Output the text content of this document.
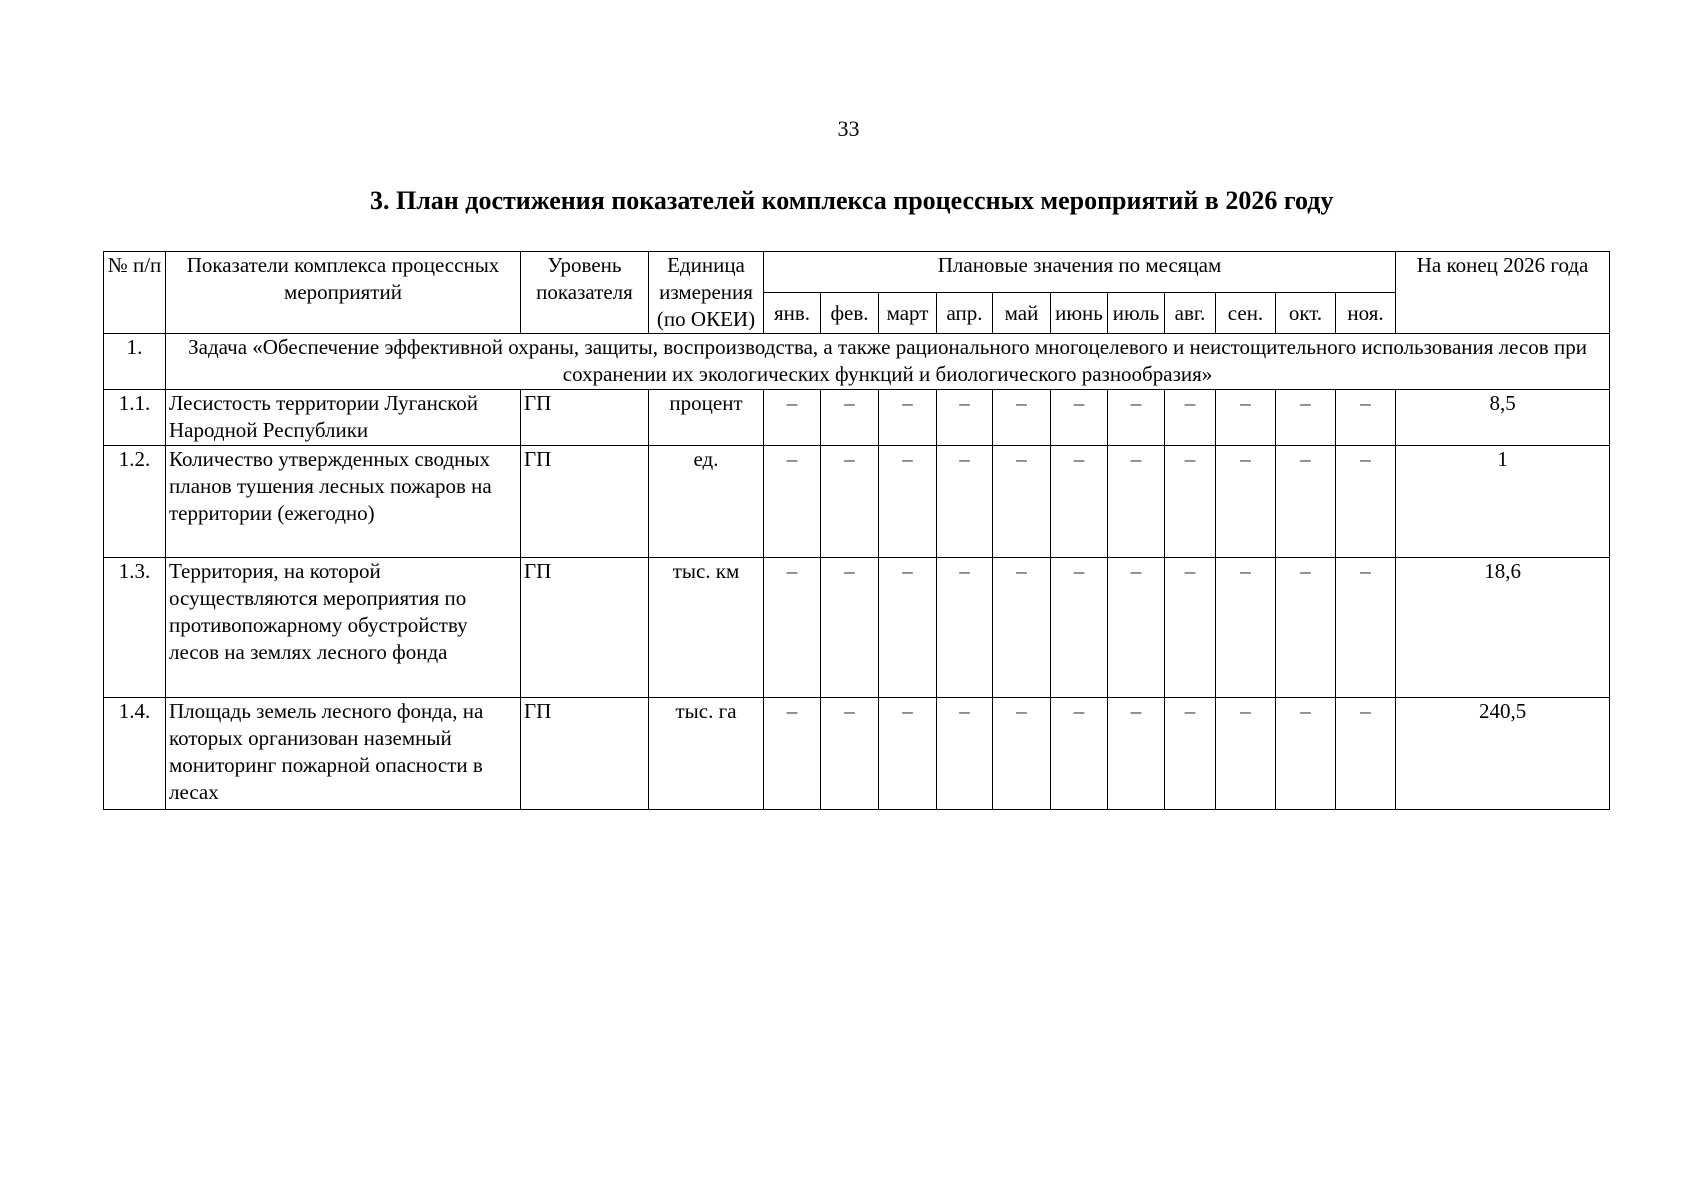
33
3. План достижения показателей комплекса процессных мероприятий в 2026 году
№ п/п	Показатели комплекса процессных мероприятий	Уровень показателя	Единица измерения (по ОКЕИ)	Плановые значения по месяцам											На конец 2026 года
				янв.	фев.	март	апр.	май	июнь	июль	авг.	сен.	окт.	ноя.	
1.	Задача «Обеспечение эффективной охраны, защиты, воспроизводства, а также рационального многоцелевого и неистощительного использования лесов при сохранении их экологических функций и биологического разнообразия»														
1.1.	Лесистость территории Луганской Народной Республики	ГП	процент	–	–	–	–	–	–	–	–	–	–	–	8,5
1.2.	Количество утвержденных сводных планов тушения лесных пожаров на территории (ежегодно)	ГП	ед.	–	–	–	–	–	–	–	–	–	–	–	1
1.3.	Территория, на которой осуществляются мероприятия по противопожарному обустройству лесов на землях лесного фонда	ГП	тыс. км	–	–	–	–	–	–	–	–	–	–	–	18,6
1.4.	Площадь земель лесного фонда, на которых организован наземный мониторинг пожарной опасности в лесах	ГП	тыс. га	–	–	–	–	–	–	–	–	–	–	–	240,5
